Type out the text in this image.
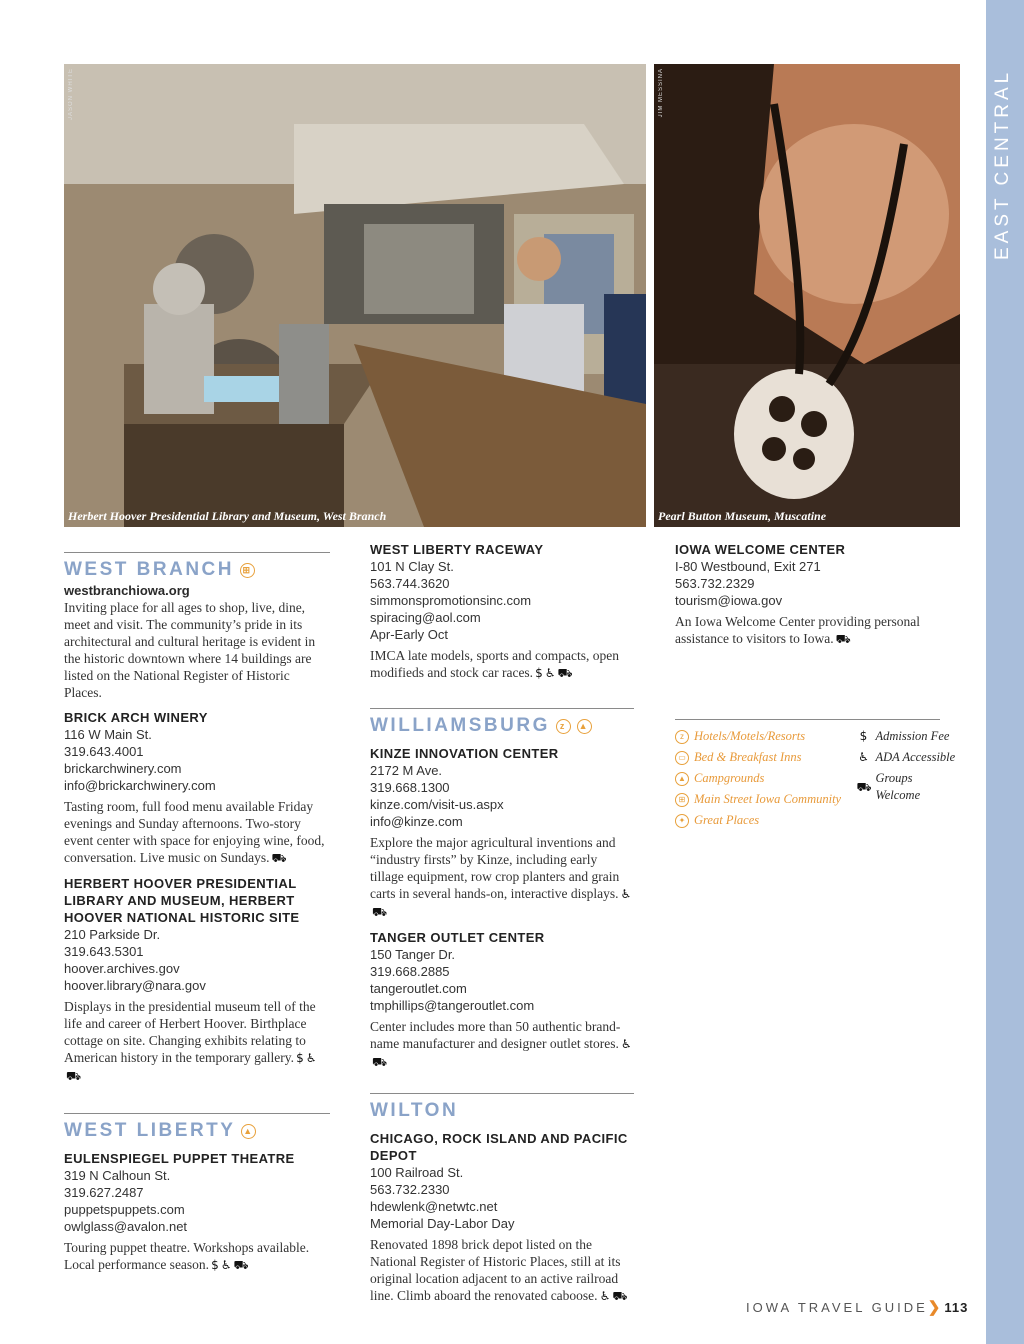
EAST CENTRAL
JASON WHITE
Herbert Hoover Presidential Library and Museum, West Branch
JIM MESSINA
Pearl Button Museum, Muscatine
WEST BRANCH ⊞
westbranchiowa.org
Inviting place for all ages to shop, live, dine, meet and visit. The community’s pride in its architectural and cultural heritage is evident in the historic downtown where 14 buildings are listed on the National Register of Historic Places.
BRICK ARCH WINERY
116 W Main St.
319.643.4001
brickarchwinery.com
info@brickarchwinery.com
Tasting room, full food menu available Friday evenings and Sunday afternoons. Two-story event center with space for enjoying wine, food, conversation. Live music on Sundays. ⛟
HERBERT HOOVER PRESIDENTIAL LIBRARY AND MUSEUM, HERBERT HOOVER NATIONAL HISTORIC SITE
210 Parkside Dr.
319.643.5301
hoover.archives.gov
hoover.library@nara.gov
Displays in the presidential museum tell of the life and career of Herbert Hoover. Birthplace cottage on site. Changing exhibits relating to American history in the temporary gallery. $ ♿⛟
WEST LIBERTY ▲
EULENSPIEGEL PUPPET THEATRE
319 N Calhoun St.
319.627.2487
puppetspuppets.com
owlglass@avalon.net
Touring puppet theatre. Workshops available. Local performance season. $ ♿ ⛟
WEST LIBERTY RACEWAY
101 N Clay St.
563.744.3620
simmonspromotionsinc.com
spiracing@aol.com
Apr-Early Oct
IMCA late models, sports and compacts, open modifieds and stock car races. $ ♿ ⛟
WILLIAMSBURG	z	▲
KINZE INNOVATION CENTER
2172 M Ave.
319.668.1300
kinze.com/visit-us.aspx
info@kinze.com
Explore the major agricultural inventions and “industry firsts” by Kinze, including early tillage equipment, row crop planters and grain carts in several hands-on, interactive displays. ♿⛟
TANGER OUTLET CENTER
150 Tanger Dr.
319.668.2885
tangeroutlet.com
tmphillips@tangeroutlet.com
Center includes more than 50 authentic brand-name manufacturer and designer outlet stores. ♿⛟
WILTON
CHICAGO, ROCK ISLAND AND PACIFIC DEPOT
100 Railroad St.
563.732.2330
hdewlenk@netwtc.net
Memorial Day-Labor Day
Renovated 1898 brick depot listed on the National Register of Historic Places, still at its original location adjacent to an active railroad line. Climb aboard the renovated caboose. ♿ ⛟
IOWA WELCOME CENTER
I-80 Westbound, Exit 271
563.732.2329
tourism@iowa.gov
An Iowa Welcome Center providing personal assistance to visitors to Iowa. ⛟
z Hotels/Motels/Resorts
▭ Bed & Breakfast Inns
▲ Campgrounds
⊞ Main Street Iowa Community
✦ Great Places
$ Admission Fee
♿ ADA Accessible
⛟
Groups Welcome
IOWA TRAVEL GUIDE ❯ 113
